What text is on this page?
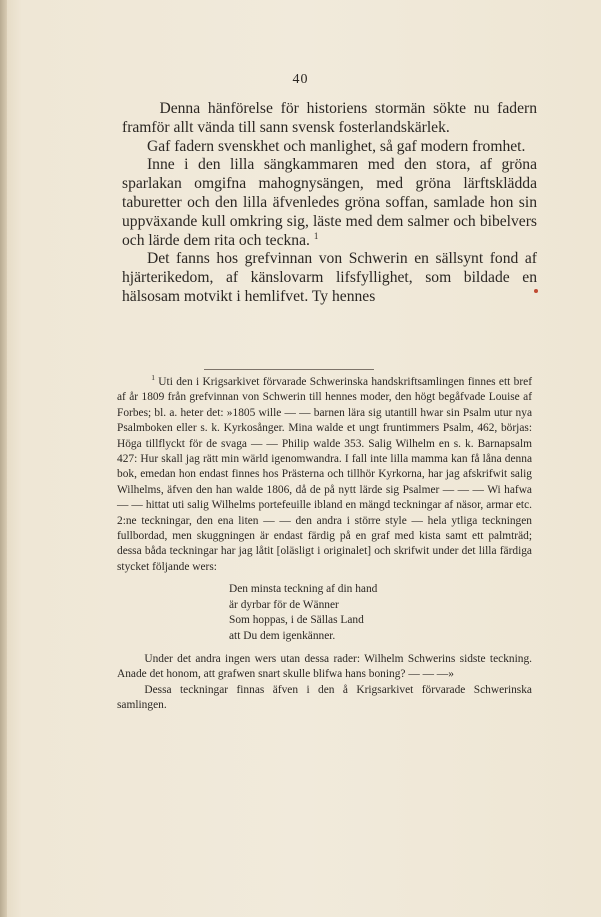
40

Denna hänförelse för historiens stormän sökte nu fadern framför allt vända till sann svensk fosterlandskärlek.

Gaf fadern svenskhet och manlighet, så gaf modern fromhet.

Inne i den lilla sängkammaren med den stora, af gröna sparlakan omgifna mahognysängen, med gröna lärftsklädda taburetter och den lilla äfvenledes gröna soffan, samlade hon sin uppväxande kull omkring sig, läste med dem salmer och bibelvers och lärde dem rita och teckna. $^1$

Det fanns hos grefvinnan von Schwerin en sällsynt fond af hjärterikedom, af känslovarm lifsfyllighet, som bildade en hälsosam motvikt i hemlifvet. Ty hennes

$^1$ Uti den i Krigsarkivet förvarade Schwerinska handskriftsamlingen finnes ett bref af år 1809 från grefvinnan von Schwerin till hennes moder, den högt begåfvade Louise af Forbes; bl. a. heter det: »1805 wille — — barnen lära sig utantill hwar sin Psalm utur nya Psalmboken eller s. k. Kyrkosånger. Mina walde et ungt fruntimmers Psalm, 462, börjas: Höga tillflyckt för de svaga — — Philip walde 353. Salig Wilhelm en s. k. Barnapsalm 427: Hur skall jag rätt min wärld igenomwandra. I fall inte lilla mamma kan få låna denna bok, emedan hon endast finnes hos Prästerna och tillhör Kyrkorna, har jag afskrifwit salig Wilhelms, äfven den han walde 1806, då de på nytt lärde sig Psalmer — — — Wi hafwa — — hittat uti salig Wilhelms portefeuille ibland en mängd teckningar af näsor, armar etc. 2:ne teckningar, den ena liten — — den andra i större style — hela ytliga teckningen fullbordad, men skuggningen är endast färdig på en graf med kista samt ett palmträd; dessa båda teckningar har jag låtit [oläsligt i originalet] och skrifwit under det lilla färdiga stycket följande wers:

Den minsta teckning af din hand
är dyrbar för de Wänner
Som hoppas, i de Sällas Land
att Du dem igenkänner.

Under det andra ingen wers utan dessa rader: Wilhelm Schwerins sidste teckning. Anade det honom, att grafwen snart skulle blifwa hans boning? — — —»

Dessa teckningar finnas äfven i den å Krigsarkivet förvarade Schwerinska samlingen.
